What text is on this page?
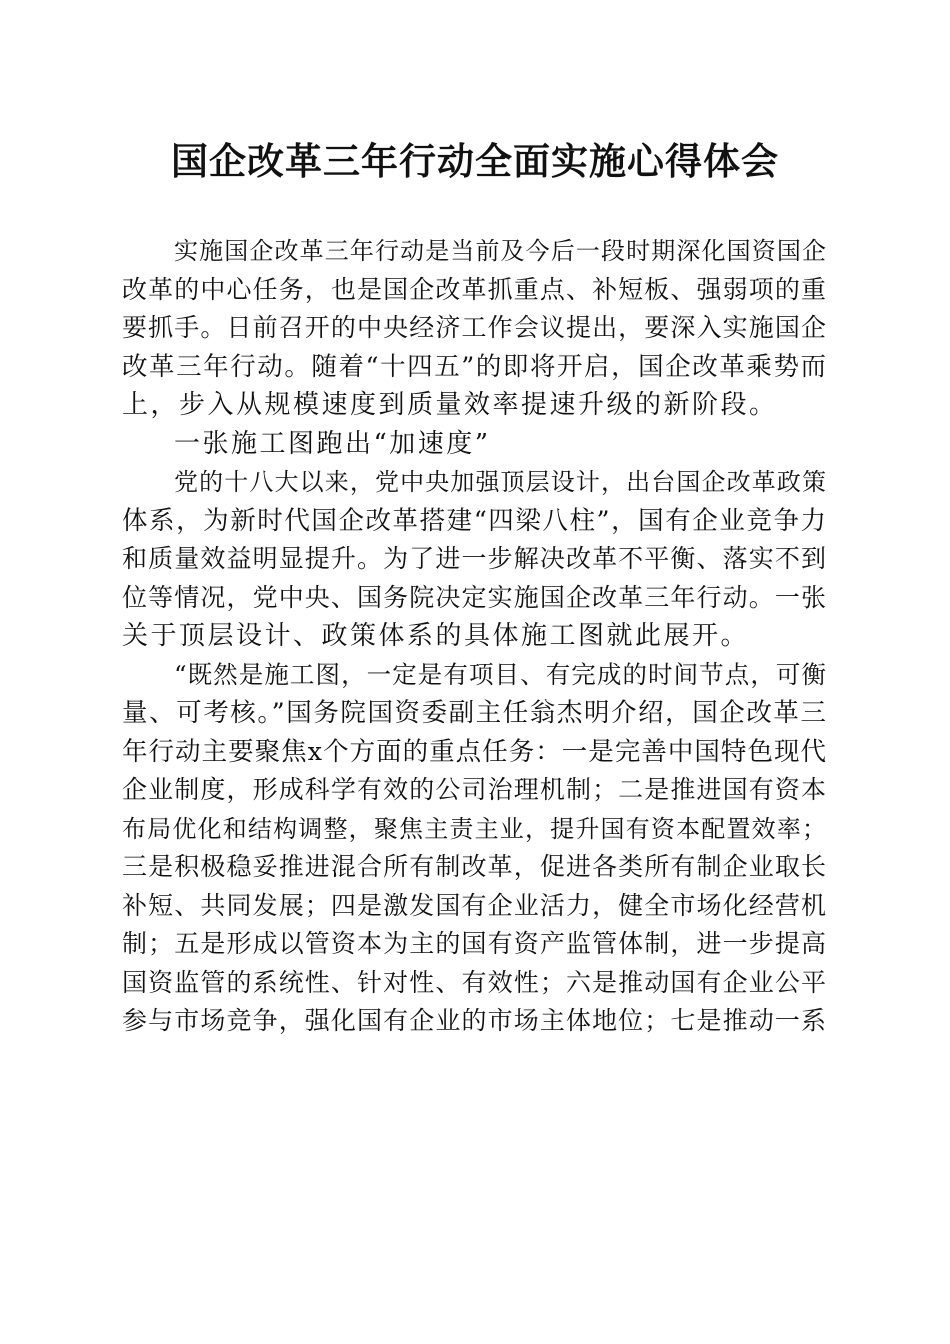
国企改革三年行动全面实施心得体会
实施国企改革三年行动是当前及今后一段时期深化国资国企
改革的中心任务，也是国企改革抓重点、补短板、强弱项的重
要抓手。日前召开的中央经济工作会议提出，要深入实施国企
改革三年行动。随着“十四五”的即将开启，国企改革乘势而
上，步入从规模速度到质量效率提速升级的新阶段。
一张施工图跑出“加速度”
党的十八大以来，党中央加强顶层设计，出台国企改革政策
体系，为新时代国企改革搭建“四梁八柱”，国有企业竞争力
和质量效益明显提升。为了进一步解决改革不平衡、落实不到
位等情况，党中央、国务院决定实施国企改革三年行动。一张
关于顶层设计、政策体系的具体施工图就此展开。
“既然是施工图，一定是有项目、有完成的时间节点，可衡
量、可考核。”国务院国资委副主任翁杰明介绍，国企改革三
年行动主要聚焦x个方面的重点任务：一是完善中国特色现代
企业制度，形成科学有效的公司治理机制；二是推进国有资本
布局优化和结构调整，聚焦主责主业，提升国有资本配置效率；
三是积极稳妥推进混合所有制改革，促进各类所有制企业取长
补短、共同发展；四是激发国有企业活力，健全市场化经营机
制；五是形成以管资本为主的国有资产监管体制，进一步提高
国资监管的系统性、针对性、有效性；六是推动国有企业公平
参与市场竞争，强化国有企业的市场主体地位；七是推动一系
